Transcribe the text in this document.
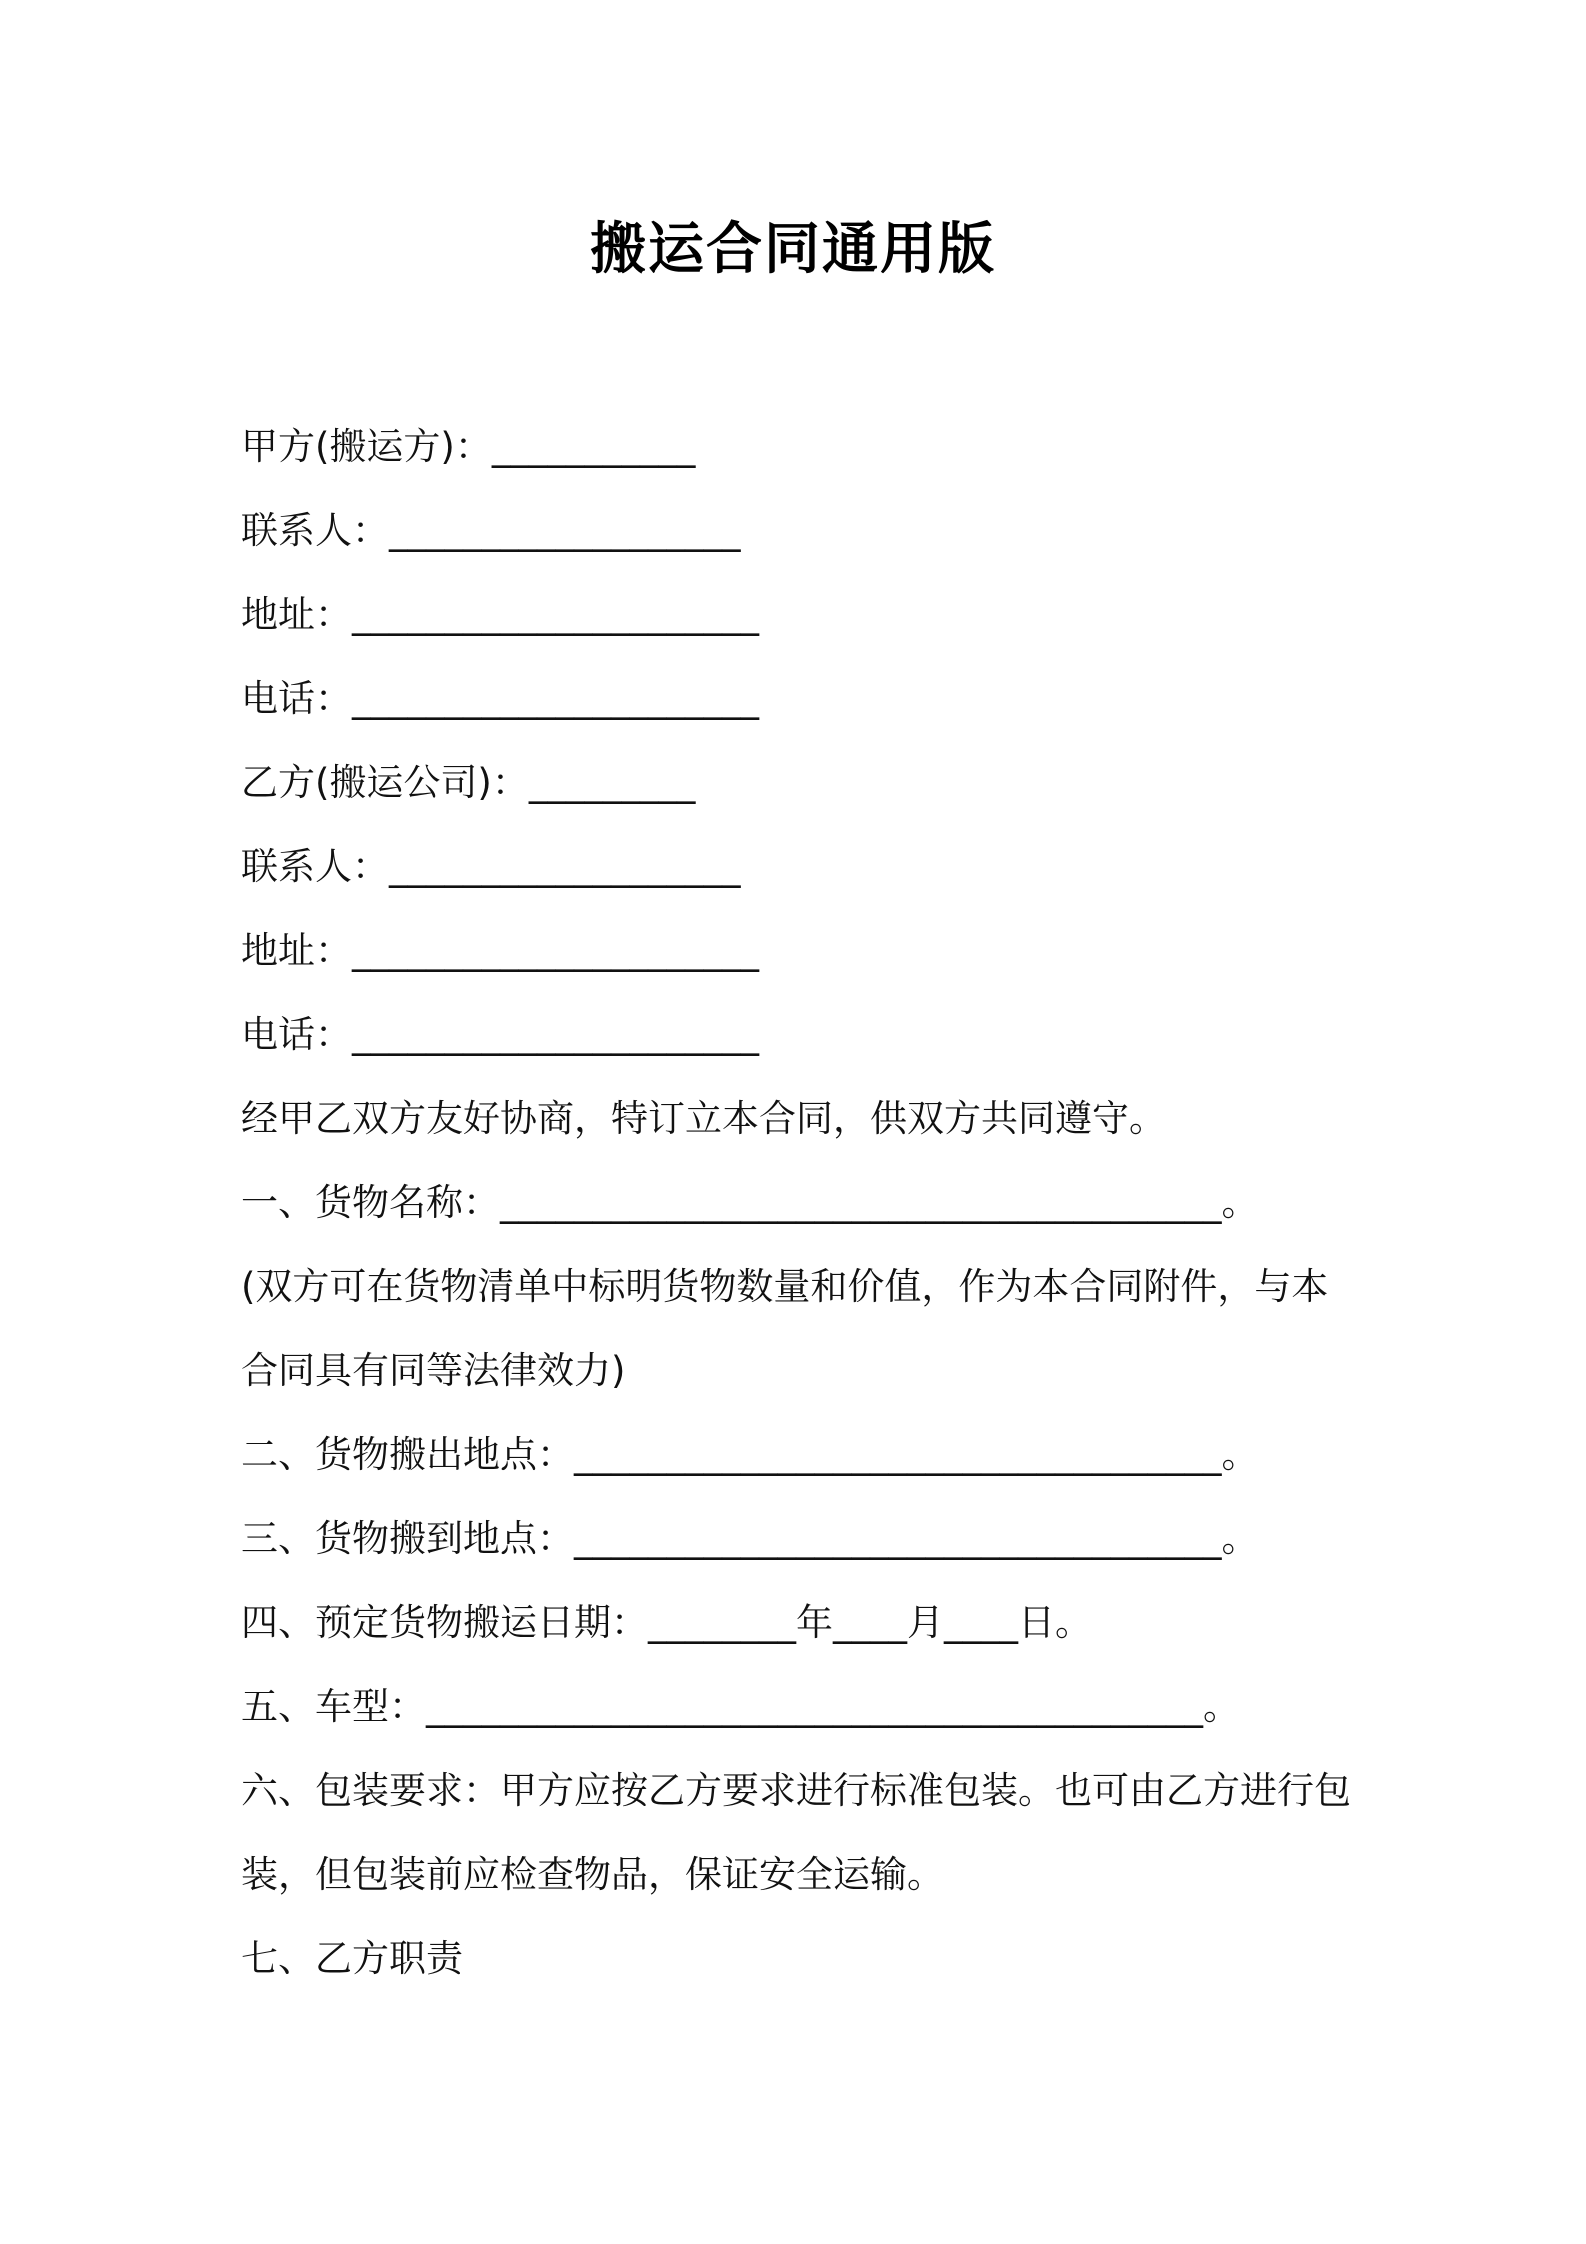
搬运合同通用版
甲方(搬运方)：___________
联系人：___________________
地址：______________________
电话：______________________
乙方(搬运公司)：_________
联系人：___________________
地址：______________________
电话：______________________
经甲乙双方友好协商，特订立本合同，供双方共同遵守。
一、货物名称：_______________________________________。
(双方可在货物清单中标明货物数量和价值，作为本合同附件，与本
合同具有同等法律效力)
二、货物搬出地点：___________________________________。
三、货物搬到地点：___________________________________。
四、预定货物搬运日期：________年____月____日。
五、车型：__________________________________________。
六、包装要求：甲方应按乙方要求进行标准包装。也可由乙方进行包
装，但包装前应检查物品，保证安全运输。
七、乙方职责
